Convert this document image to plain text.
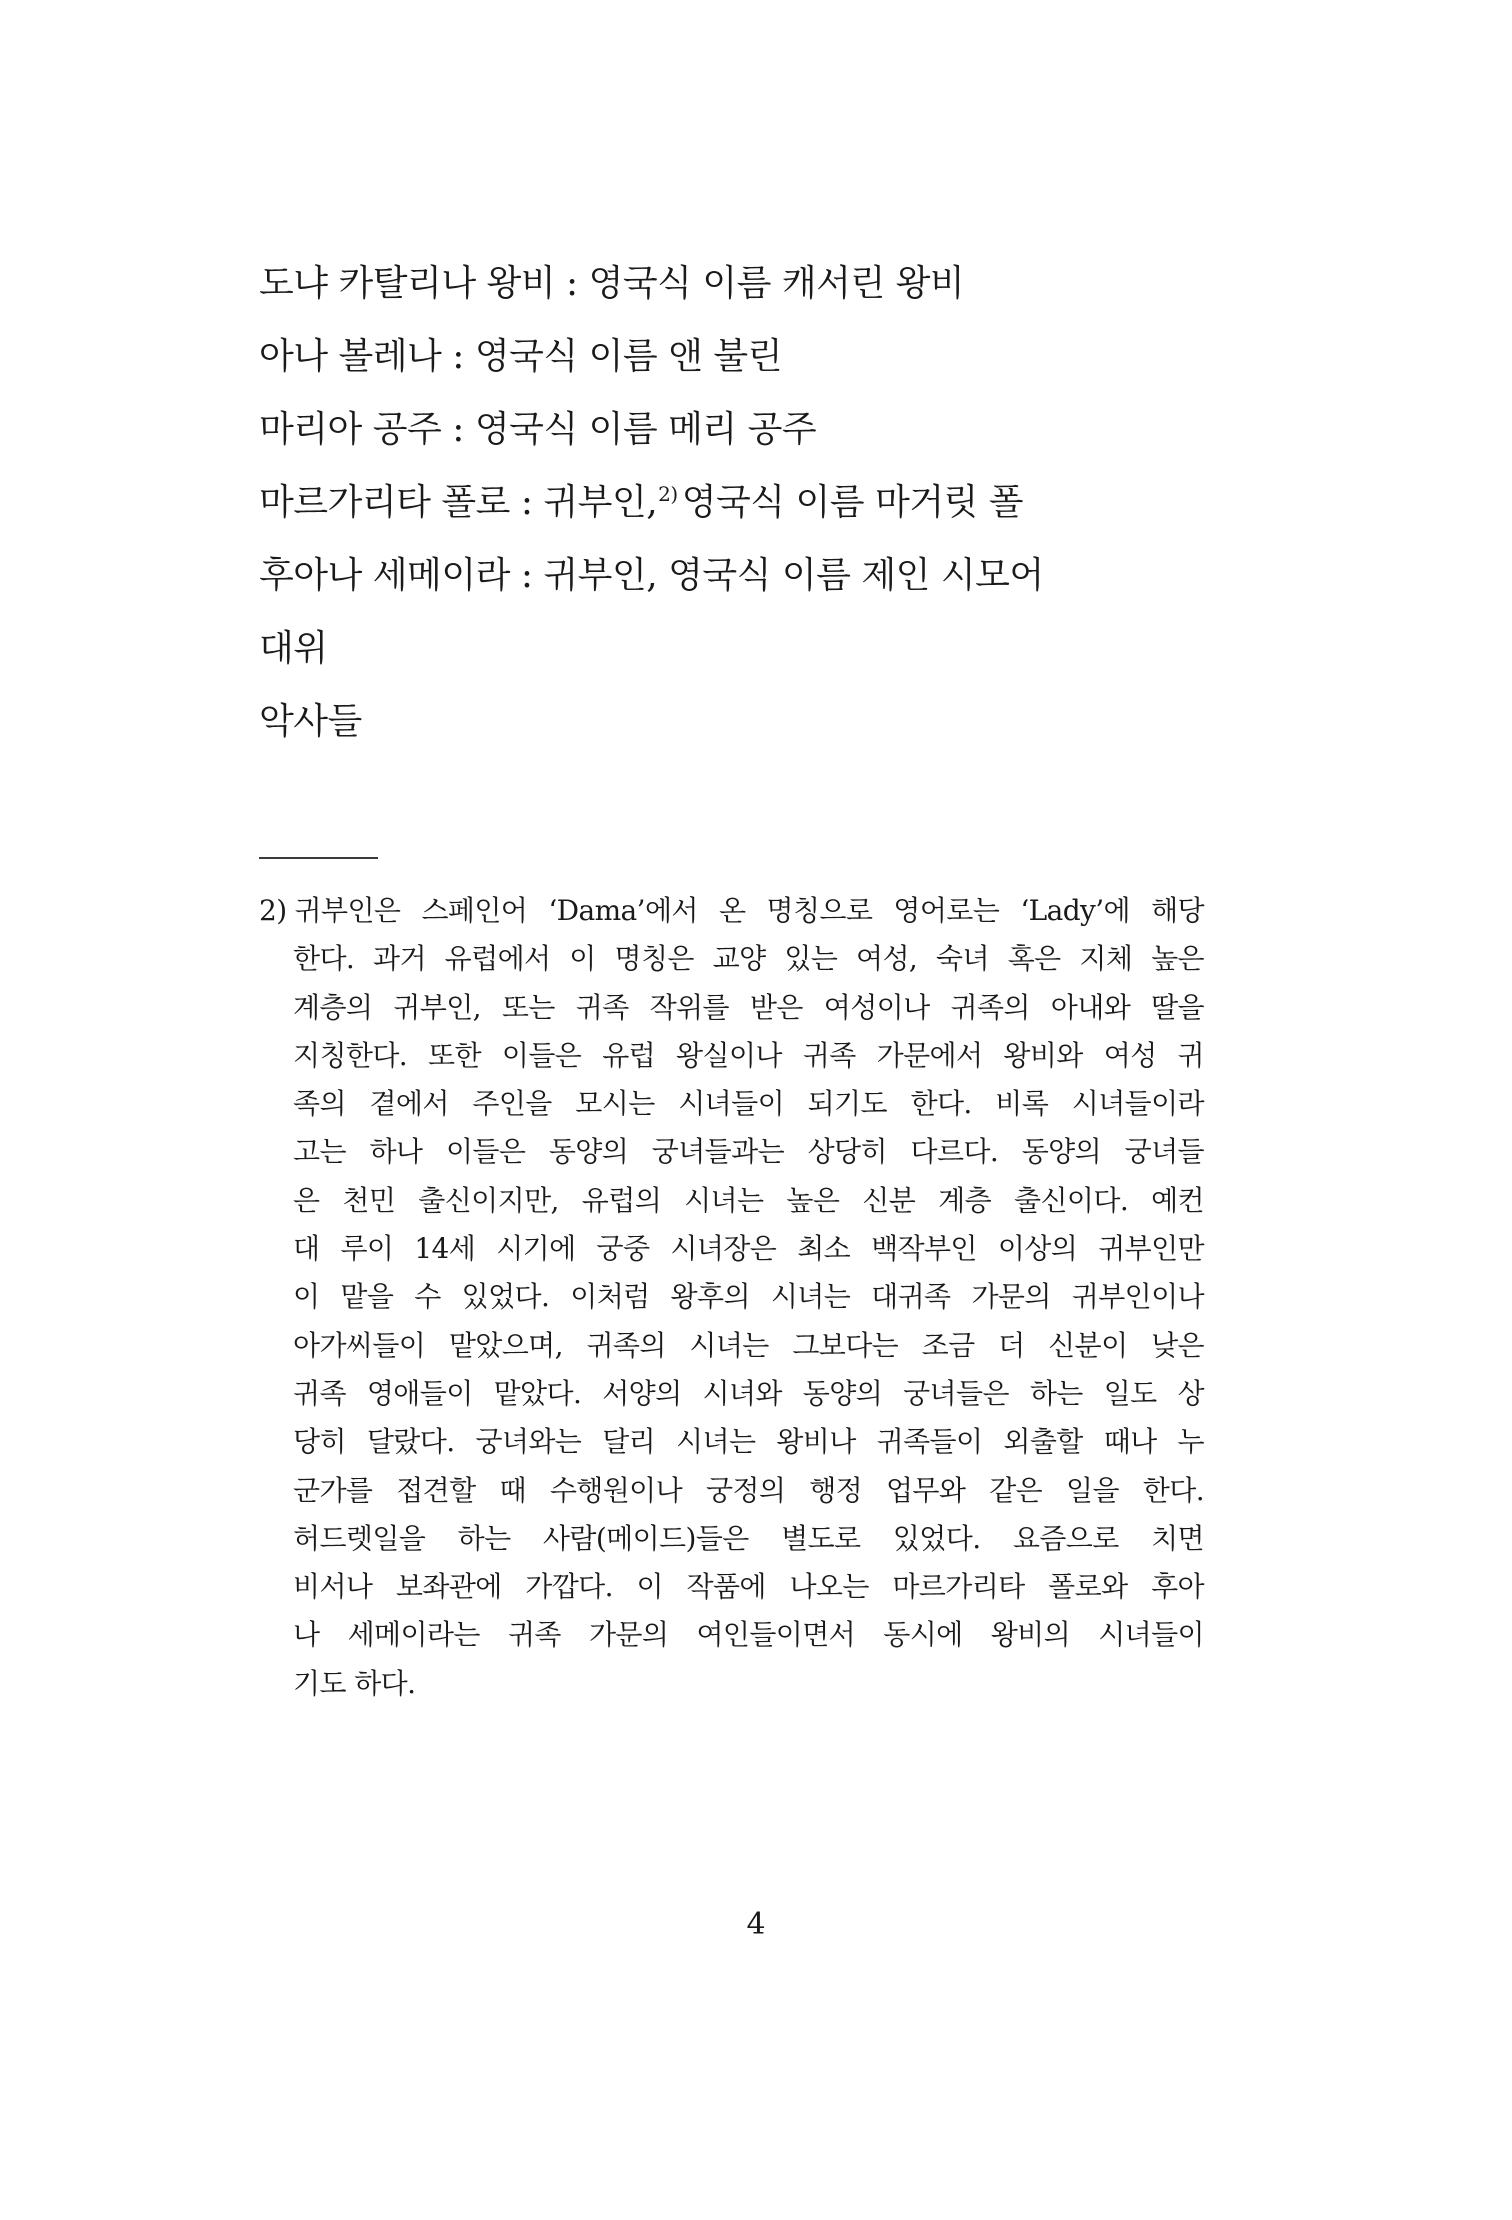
도냐 카탈리나 왕비 : 영국식 이름 캐서린 왕비
아나 볼레나 : 영국식 이름 앤 불린
마리아 공주 : 영국식 이름 메리 공주
마르가리타 폴로 : 귀부인,$^{2)}$ 영국식 이름 마거릿 폴
후아나 세메이라 : 귀부인, 영국식 이름 제인 시모어
대위
악사들
2) 귀부인은 스페인어 ‘Dama’에서 온 명칭으로 영어로는 ‘Lady’에 해당
한다. 과거 유럽에서 이 명칭은 교양 있는 여성, 숙녀 혹은 지체 높은
계층의 귀부인, 또는 귀족 작위를 받은 여성이나 귀족의 아내와 딸을
지칭한다. 또한 이들은 유럽 왕실이나 귀족 가문에서 왕비와 여성 귀
족의 곁에서 주인을 모시는 시녀들이 되기도 한다. 비록 시녀들이라
고는 하나 이들은 동양의 궁녀들과는 상당히 다르다. 동양의 궁녀들
은 천민 출신이지만, 유럽의 시녀는 높은 신분 계층 출신이다. 예컨
대 루이 14세 시기에 궁중 시녀장은 최소 백작부인 이상의 귀부인만
이 맡을 수 있었다. 이처럼 왕후의 시녀는 대귀족 가문의 귀부인이나
아가씨들이 맡았으며, 귀족의 시녀는 그보다는 조금 더 신분이 낮은
귀족 영애들이 맡았다. 서양의 시녀와 동양의 궁녀들은 하는 일도 상
당히 달랐다. 궁녀와는 달리 시녀는 왕비나 귀족들이 외출할 때나 누
군가를 접견할 때 수행원이나 궁정의 행정 업무와 같은 일을 한다.
허드렛일을 하는 사람(메이드)들은 별도로 있었다. 요즘으로 치면
비서나 보좌관에 가깝다. 이 작품에 나오는 마르가리타 폴로와 후아
나 세메이라는 귀족 가문의 여인들이면서 동시에 왕비의 시녀들이
기도 하다.
4
